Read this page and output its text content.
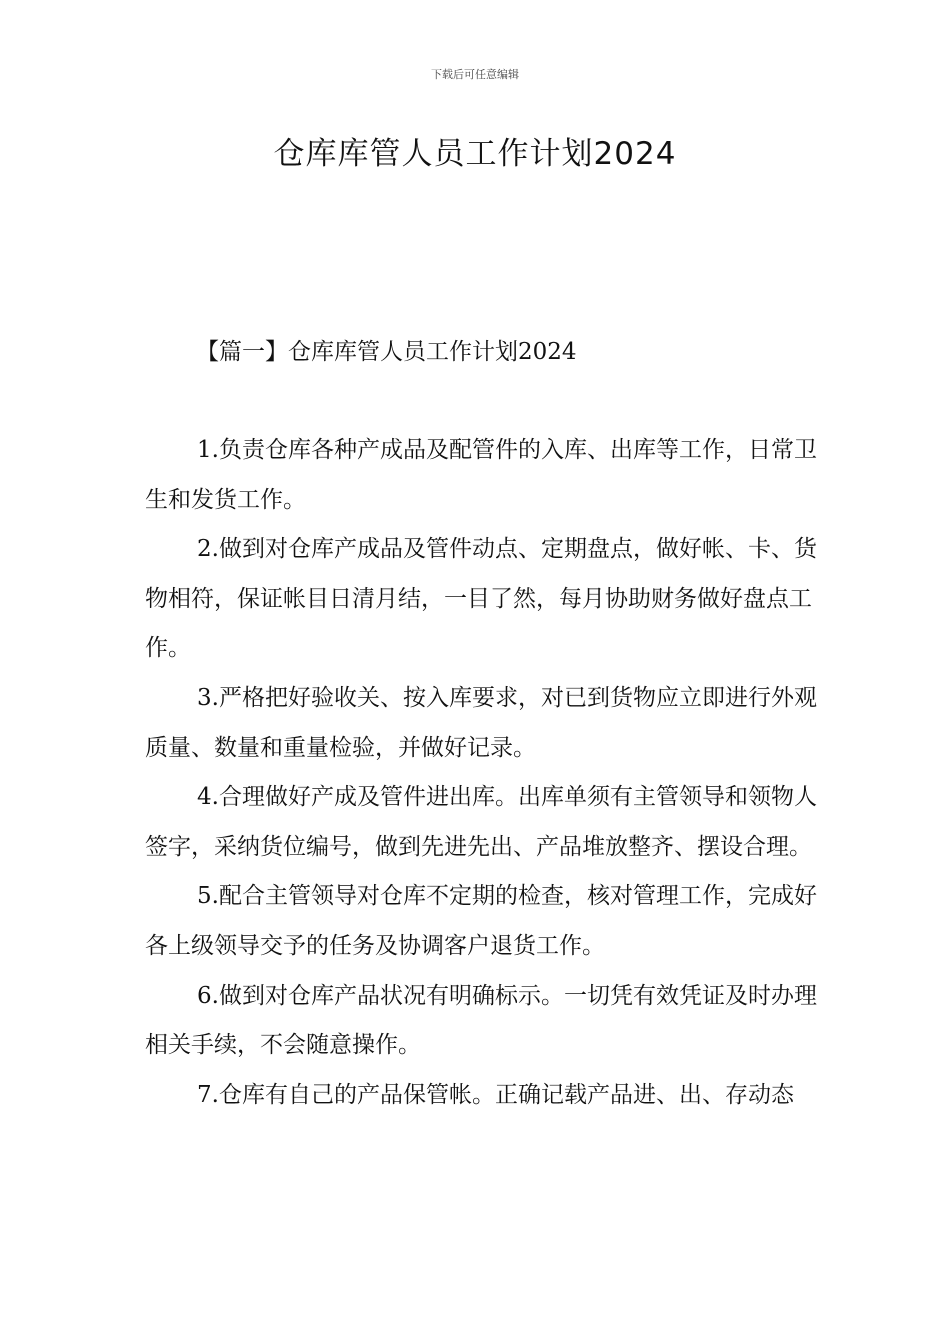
下载后可任意编辑
仓库库管人员工作计划2024
【篇一】仓库库管人员工作计划2024

1.负责仓库各种产成品及配管件的入库、出库等工作，日常卫生和发货工作。

2.做到对仓库产成品及管件动点、定期盘点，做好帐、卡、货物相符，保证帐目日清月结，一目了然，每月协助财务做好盘点工作。

3.严格把好验收关、按入库要求，对已到货物应立即进行外观质量、数量和重量检验，并做好记录。

4.合理做好产成及管件进出库。出库单须有主管领导和领物人签字，采纳货位编号，做到先进先出、产品堆放整齐、摆设合理。

5.配合主管领导对仓库不定期的检查，核对管理工作，完成好各上级领导交予的任务及协调客户退货工作。

6.做到对仓库产品状况有明确标示。一切凭有效凭证及时办理相关手续，不会随意操作。

7.仓库有自己的产品保管帐。正确记载产品进、出、存动态
